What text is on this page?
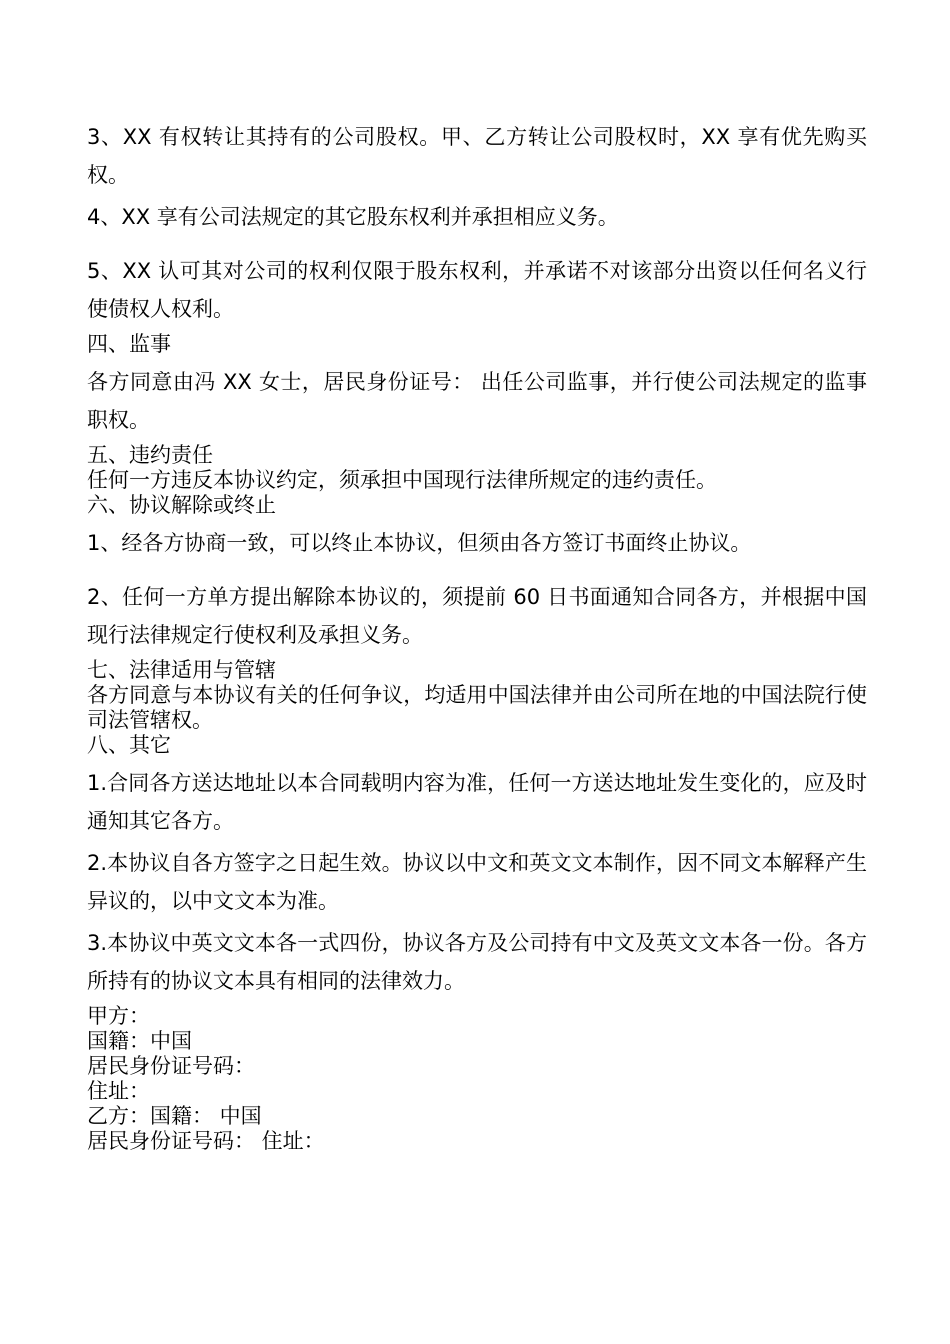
3、XX 有权转让其持有的公司股权。甲、乙方转让公司股权时，XX 享有优先购买权。

4、XX 享有公司法规定的其它股东权利并承担相应义务。

5、XX 认可其对公司的权利仅限于股东权利，并承诺不对该部分出资以任何名义行使债权人权利。

四、监事

各方同意由冯 XX 女士，居民身份证号： 出任公司监事，并行使公司法规定的监事职权。

五、违约责任

任何一方违反本协议约定，须承担中国现行法律所规定的违约责任。

六、协议解除或终止

1、经各方协商一致，可以终止本协议，但须由各方签订书面终止协议。

2、任何一方单方提出解除本协议的，须提前 60 日书面通知合同各方，并根据中国现行法律规定行使权利及承担义务。

七、法律适用与管辖

各方同意与本协议有关的任何争议，均适用中国法律并由公司所在地的中国法院行使司法管辖权。

八、其它

1.合同各方送达地址以本合同载明内容为准，任何一方送达地址发生变化的，应及时通知其它各方。

2.本协议自各方签字之日起生效。协议以中文和英文文本制作，因不同文本解释产生异议的，以中文文本为准。

3.本协议中英文文本各一式四份，协议各方及公司持有中文及英文文本各一份。各方所持有的协议文本具有相同的法律效力。

甲方：

国籍：中国

居民身份证号码：

住址：

乙方：国籍： 中国

居民身份证号码： 住址：
